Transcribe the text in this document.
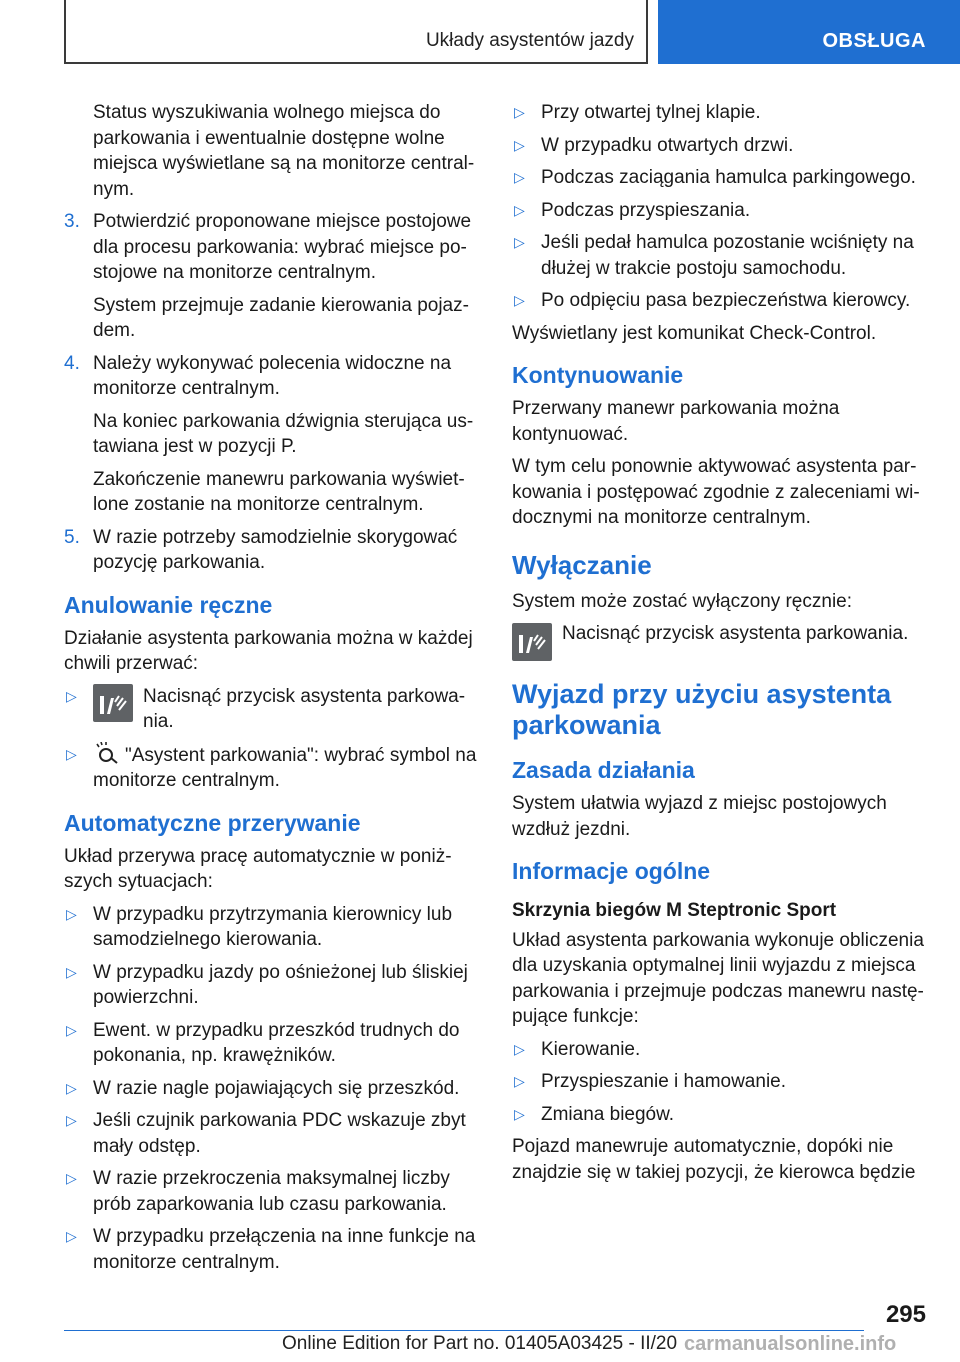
Układy asystentów jazdy	OBSŁUGA

Status wyszukiwania wolnego miejsca do parkowania i ewentualnie dostępne wolne miejsca wyświetlane są na monitorze centralnym.

3. Potwierdzić proponowane miejsce postojowe dla procesu parkowania: wybrać miejsce postojowe na monitorze centralnym.

System przejmuje zadanie kierowania pojazdem.

4. Należy wykonywać polecenia widoczne na monitorze centralnym.

Na koniec parkowania dźwignia sterująca ustawiana jest w pozycji P.

Zakończenie manewru parkowania wyświetlone zostanie na monitorze centralnym.

5. W razie potrzeby samodzielnie skorygować pozycję parkowania.

Anulowanie ręczne

Działanie asystenta parkowania można w każdej chwili przerwać:

▷	Nacisnąć przycisk asystenta parkowania.

▷	"Asystent parkowania": wybrać symbol na monitorze centralnym.

Automatyczne przerywanie

Układ przerywa pracę automatycznie w poniższych sytuacjach:

▷ W przypadku przytrzymania kierownicy lub samodzielnego kierowania.

▷ W przypadku jazdy po ośnieżonej lub śliskiej powierzchni.

▷ Ewent. w przypadku przeszkód trudnych do pokonania, np. krawężników.

▷ W razie nagle pojawiających się przeszkód.

▷ Jeśli czujnik parkowania PDC wskazuje zbyt mały odstęp.

▷ W razie przekroczenia maksymalnej liczby prób zaparkowania lub czasu parkowania.

▷ W przypadku przełączenia na inne funkcje na monitorze centralnym.

▷ Przy otwartej tylnej klapie.

▷ W przypadku otwartych drzwi.

▷ Podczas zaciągania hamulca parkingowego.

▷ Podczas przyspieszania.

▷ Jeśli pedał hamulca pozostanie wciśnięty na dłużej w trakcie postoju samochodu.

▷ Po odpięciu pasa bezpieczeństwa kierowcy.

Wyświetlany jest komunikat Check-Control.

Kontynuowanie

Przerwany manewr parkowania można kontynuować.

W tym celu ponownie aktywować asystenta parkowania i postępować zgodnie z zaleceniami widocznymi na monitorze centralnym.

Wyłączanie

System może zostać wyłączony ręcznie:

Nacisnąć przycisk asystenta parkowania.

Wyjazd przy użyciu asystenta parkowania
Zasada działania

System ułatwia wyjazd z miejsc postojowych wzdłuż jezdni.

Informacje ogólne
Skrzynia biegów M Steptronic Sport

Układ asystenta parkowania wykonuje obliczenia dla uzyskania optymalnej linii wyjazdu z miejsca parkowania i przejmuje podczas manewru następujące funkcje:

▷ Kierowanie.

▷ Przyspieszanie i hamowanie.

▷ Zmiana biegów.

Pojazd manewruje automatycznie, dopóki nie znajdzie się w takiej pozycji, że kierowca będzie

295
Online Edition for Part no. 01405A03425 - II/20 carmanualsonline.info
